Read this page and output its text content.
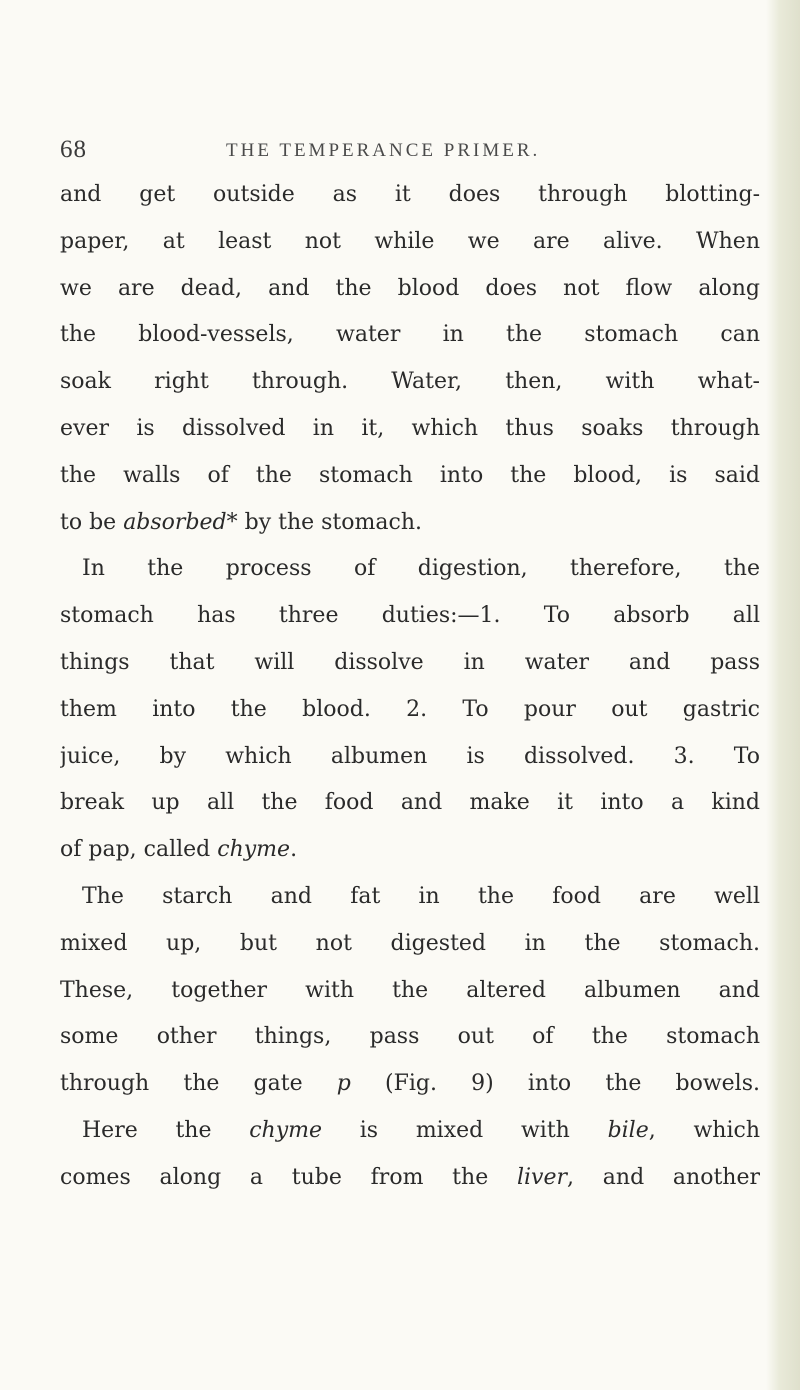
68	THE TEMPERANCE PRIMER.
and get outside as it does through blotting-
paper, at least not while we are alive. When
we are dead, and the blood does not flow along
the blood-vessels, water in the stomach can
soak right through. Water, then, with what-
ever is dissolved in it, which thus soaks through
the walls of the stomach into the blood, is said
to be absorbed* by the stomach.
In the process of digestion, therefore, the
stomach has three duties:—1. To absorb all
things that will dissolve in water and pass
them into the blood. 2. To pour out gastric
juice, by which albumen is dissolved. 3. To
break up all the food and make it into a kind
of pap, called chyme.
The starch and fat in the food are well
mixed up, but not digested in the stomach.
These, together with the altered albumen and
some other things, pass out of the stomach
through the gate p (Fig. 9) into the bowels.
Here the chyme is mixed with bile, which
comes along a tube from the liver, and another
